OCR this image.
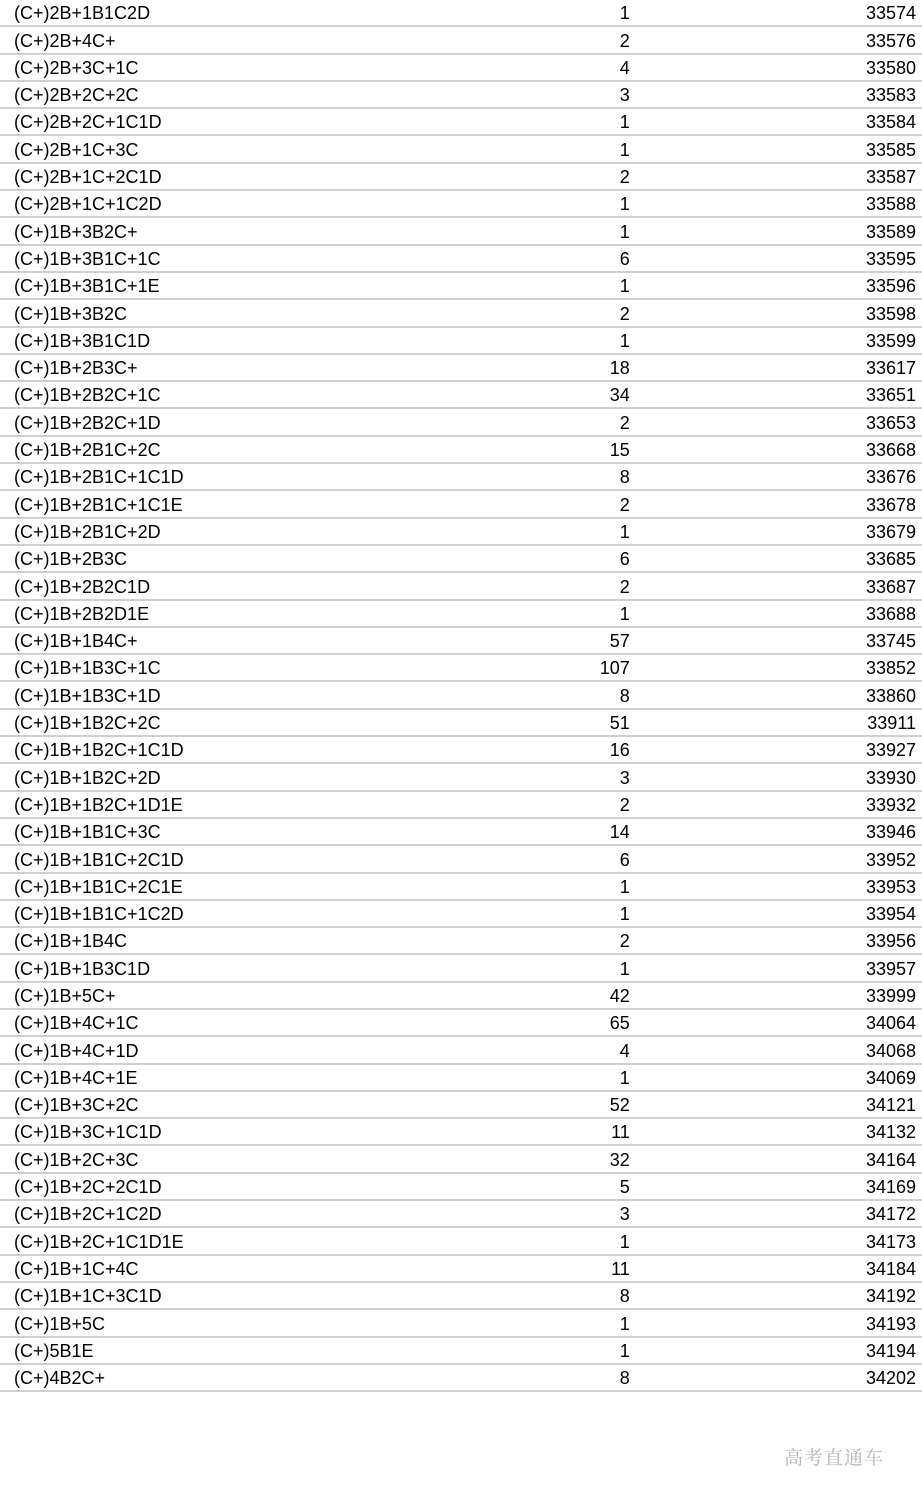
(C+)2B+1B1C2D	1	33574
(C+)2B+4C+	2	33576
(C+)2B+3C+1C	4	33580
(C+)2B+2C+2C	3	33583
(C+)2B+2C+1C1D	1	33584
(C+)2B+1C+3C	1	33585
(C+)2B+1C+2C1D	2	33587
(C+)2B+1C+1C2D	1	33588
(C+)1B+3B2C+	1	33589
(C+)1B+3B1C+1C	6	33595
(C+)1B+3B1C+1E	1	33596
(C+)1B+3B2C	2	33598
(C+)1B+3B1C1D	1	33599
(C+)1B+2B3C+	18	33617
(C+)1B+2B2C+1C	34	33651
(C+)1B+2B2C+1D	2	33653
(C+)1B+2B1C+2C	15	33668
(C+)1B+2B1C+1C1D	8	33676
(C+)1B+2B1C+1C1E	2	33678
(C+)1B+2B1C+2D	1	33679
(C+)1B+2B3C	6	33685
(C+)1B+2B2C1D	2	33687
(C+)1B+2B2D1E	1	33688
(C+)1B+1B4C+	57	33745
(C+)1B+1B3C+1C	107	33852
(C+)1B+1B3C+1D	8	33860
(C+)1B+1B2C+2C	51	33911
(C+)1B+1B2C+1C1D	16	33927
(C+)1B+1B2C+2D	3	33930
(C+)1B+1B2C+1D1E	2	33932
(C+)1B+1B1C+3C	14	33946
(C+)1B+1B1C+2C1D	6	33952
(C+)1B+1B1C+2C1E	1	33953
(C+)1B+1B1C+1C2D	1	33954
(C+)1B+1B4C	2	33956
(C+)1B+1B3C1D	1	33957
(C+)1B+5C+	42	33999
(C+)1B+4C+1C	65	34064
(C+)1B+4C+1D	4	34068
(C+)1B+4C+1E	1	34069
(C+)1B+3C+2C	52	34121
(C+)1B+3C+1C1D	11	34132
(C+)1B+2C+3C	32	34164
(C+)1B+2C+2C1D	5	34169
(C+)1B+2C+1C2D	3	34172
(C+)1B+2C+1C1D1E	1	34173
(C+)1B+1C+4C	11	34184
(C+)1B+1C+3C1D	8	34192
(C+)1B+5C	1	34193
(C+)5B1E	1	34194
(C+)4B2C+	8	34202
高考直通车
